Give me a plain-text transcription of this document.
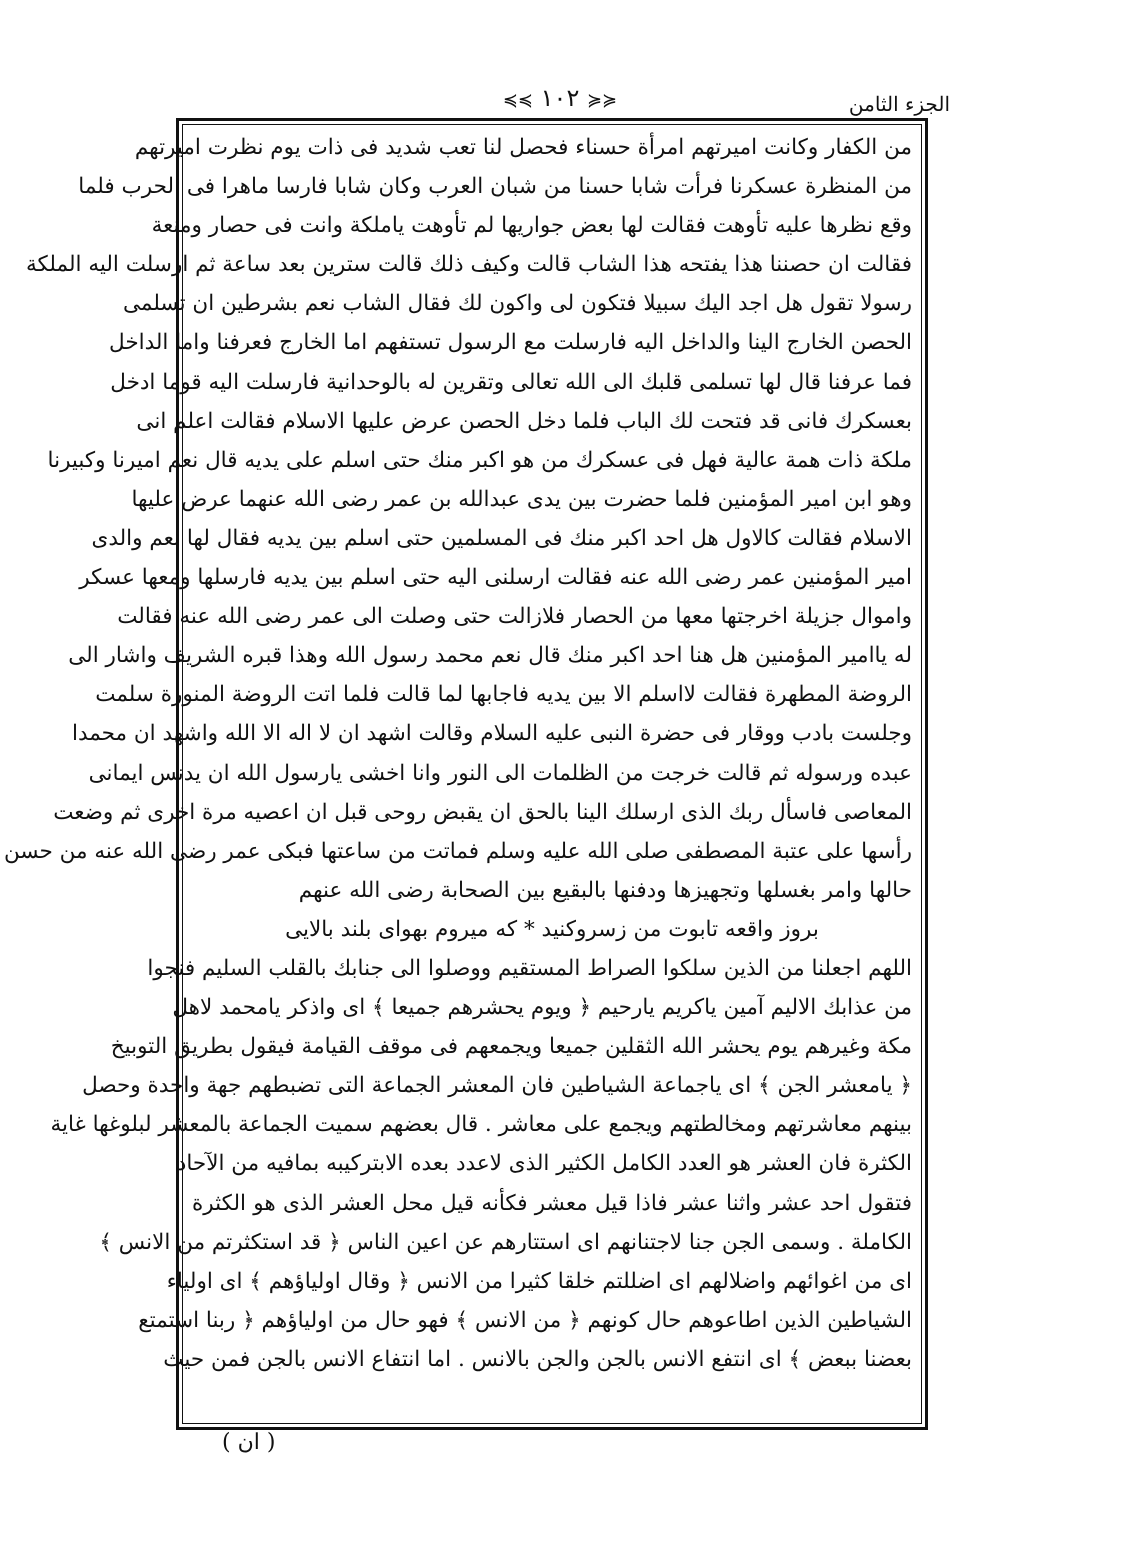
الجزء الثامن
≼≼ ١٠٢ ≽≽
من الكفار وكانت اميرتهم امرأة حسناء فحصل لنا تعب شديد فى ذات يوم نظرت اميرتهم
من المنظرة عسكرنا فرأت شابا حسنا من شبان العرب وكان شابا فارسا ماهرا فى الحرب فلما
وقع نظرها عليه تأوهت فقالت لها بعض جواريها لم تأوهت ياملكة وانت فى حصار ومنعة
فقالت ان حصننا هذا يفتحه هذا الشاب قالت وكيف ذلك قالت سترين بعد ساعة ثم ارسلت اليه الملكة
رسولا تقول هل اجد اليك سبيلا فتكون لى واكون لك فقال الشاب نعم بشرطين ان تسلمى
الحصن الخارج الينا والداخل اليه فارسلت مع الرسول تستفهم اما الخارج فعرفنا واما الداخل
فما عرفنا قال لها تسلمى قلبك الى الله تعالى وتقرين له بالوحدانية فارسلت اليه قوما ادخل
بعسكرك فانى قد فتحت لك الباب فلما دخل الحصن عرض عليها الاسلام فقالت اعلم انى
ملكة ذات همة عالية فهل فى عسكرك من هو اكبر منك حتى اسلم على يديه قال نعم اميرنا وكبيرنا
وهو ابن امير المؤمنين فلما حضرت بين يدى عبدالله بن عمر رضى الله عنهما عرض عليها
الاسلام فقالت كالاول هل احد اكبر منك فى المسلمين حتى اسلم بين يديه فقال لها نعم والدى
امير المؤمنين عمر رضى الله عنه فقالت ارسلنى اليه حتى اسلم بين يديه فارسلها ومعها عسكر
واموال جزيلة اخرجتها معها من الحصار فلازالت حتى وصلت الى عمر رضى الله عنه فقالت
له ياامير المؤمنين هل هنا احد اكبر منك قال نعم محمد رسول الله وهذا قبره الشريف واشار الى
الروضة المطهرة فقالت لااسلم الا بين يديه فاجابها لما قالت فلما اتت الروضة المنورة سلمت
وجلست بادب ووقار فى حضرة النبى عليه السلام وقالت اشهد ان لا اله الا الله واشهد ان محمدا
عبده ورسوله ثم قالت خرجت من الظلمات الى النور وانا اخشى يارسول الله ان يدنس ايمانى
المعاصى فاسأل ربك الذى ارسلك الينا بالحق ان يقبض روحى قبل ان اعصيه مرة اخرى ثم وضعت
رأسها على عتبة المصطفى صلى الله عليه وسلم فماتت من ساعتها فبكى عمر رضى الله عنه من حسن
حالها وامر بغسلها وتجهيزها ودفنها بالبقيع بين الصحابة رضى الله عنهم
بروز واقعه تابوت من زسروكنيد * كه ميروم بهواى بلند بالايى
اللهم اجعلنا من الذين سلكوا الصراط المستقيم ووصلوا الى جنابك بالقلب السليم فنجوا
من عذابك الاليم آمين ياكريم يارحيم ﴿ ويوم يحشرهم جميعا ﴾ اى واذكر يامحمد لاهل
مكة وغيرهم يوم يحشر الله الثقلين جميعا ويجمعهم فى موقف القيامة فيقول بطريق التوبيخ
﴿ يامعشر الجن ﴾ اى ياجماعة الشياطين فان المعشر الجماعة التى تضبطهم جهة واحدة وحصل
بينهم معاشرتهم ومخالطتهم ويجمع على معاشر . قال بعضهم سميت الجماعة بالمعشر لبلوغها غاية
الكثرة فان العشر هو العدد الكامل الكثير الذى لاعدد بعده الابتركيبه بمافيه من الآحاد
فتقول احد عشر واثنا عشر فاذا قيل معشر فكأنه قيل محل العشر الذى هو الكثرة
الكاملة . وسمى الجن جنا لاجتنانهم اى استتارهم عن اعين الناس ﴿ قد استكثرتم من الانس ﴾
اى من اغوائهم واضلالهم اى اضللتم خلقا كثيرا من الانس ﴿ وقال اولياؤهم ﴾ اى اولياء
الشياطين الذين اطاعوهم حال كونهم ﴿ من الانس ﴾ فهو حال من اولياؤهم ﴿ ربنا استمتع
بعضنا ببعض ﴾ اى انتفع الانس بالجن والجن بالانس . اما انتفاع الانس بالجن فمن حيث
( ان )
